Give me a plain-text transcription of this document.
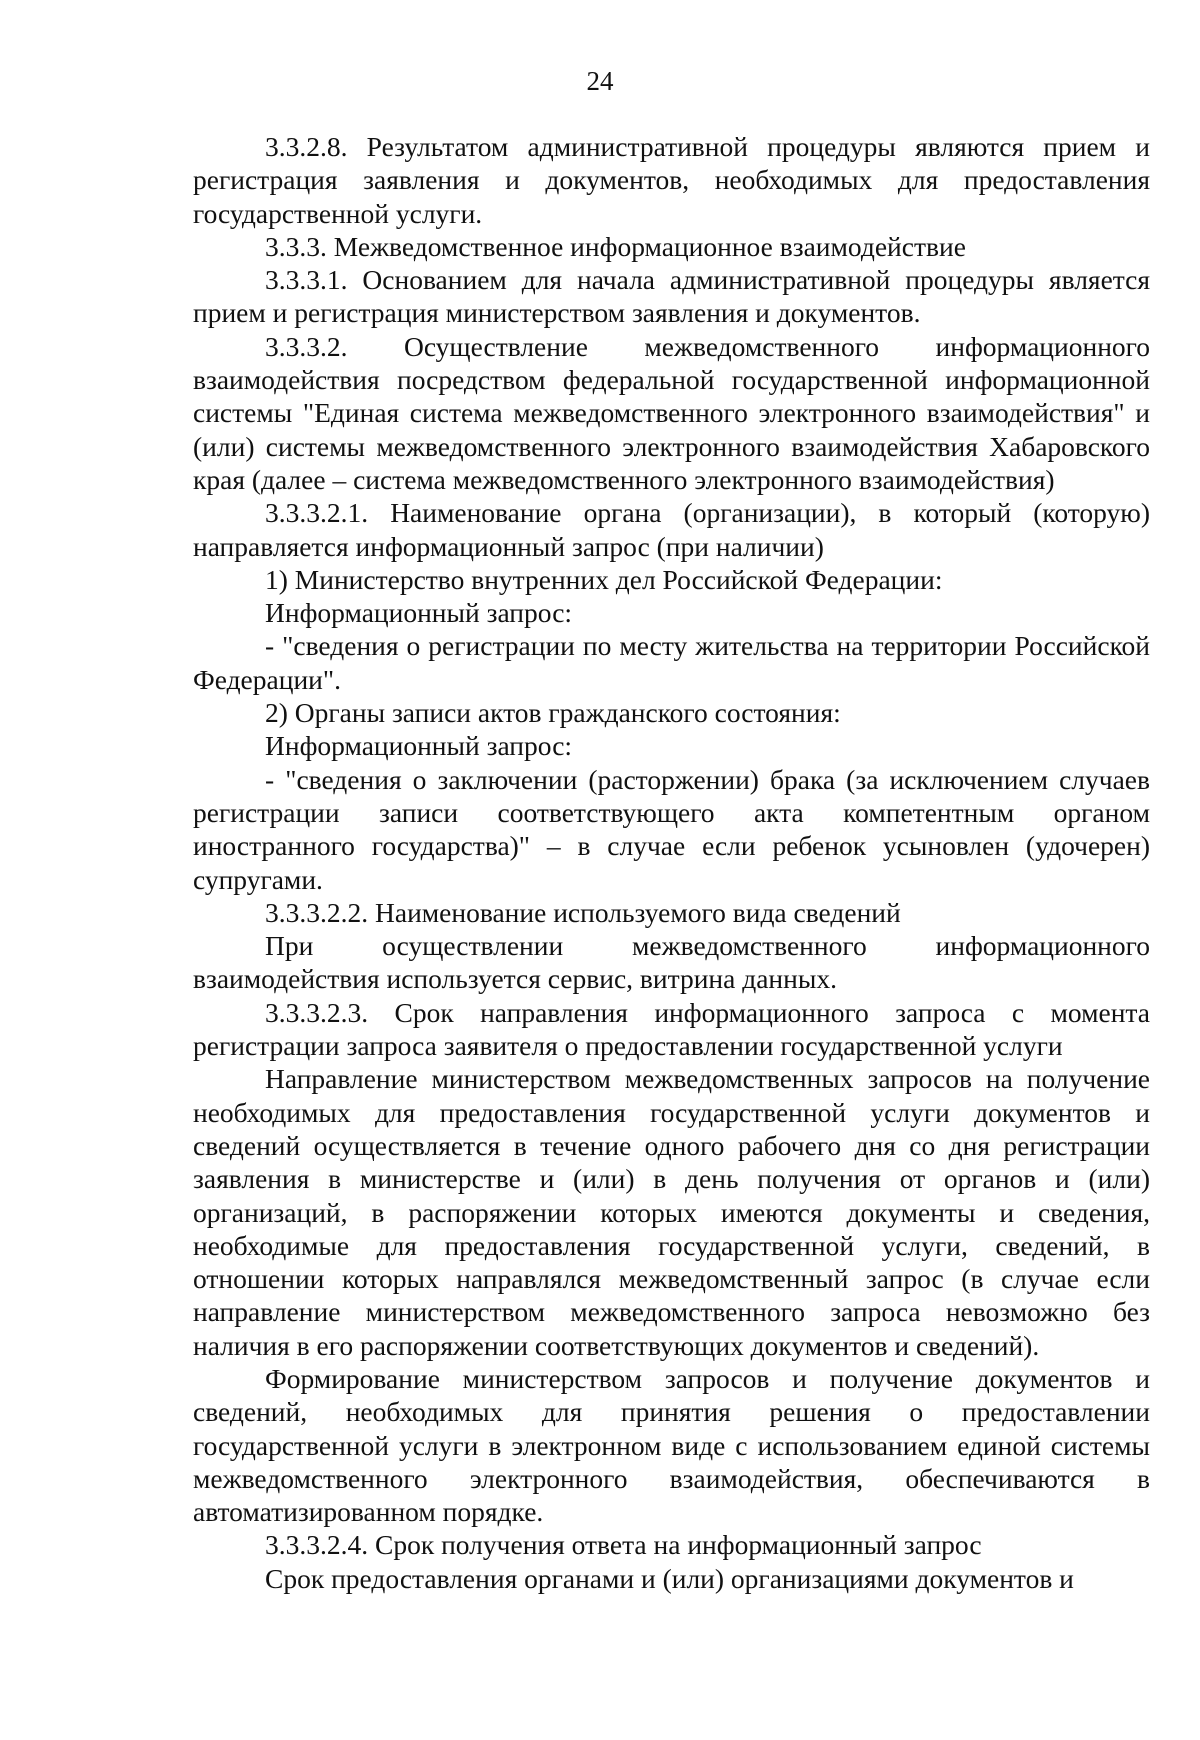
24

3.3.2.8. Результатом административной процедуры являются прием и регистрация заявления и документов, необходимых для предоставления государственной услуги.

3.3.3. Межведомственное информационное взаимодействие

3.3.3.1. Основанием для начала административной процедуры является прием и регистрация министерством заявления и документов.

3.3.3.2. Осуществление межведомственного информационного взаимодействия посредством федеральной государственной информационной системы "Единая система межведомственного электронного взаимодействия" и (или) системы межведомственного электронного взаимодействия Хабаровского края (далее – система межведомственного электронного взаимодействия)

3.3.3.2.1. Наименование органа (организации), в который (которую) направляется информационный запрос (при наличии)

1) Министерство внутренних дел Российской Федерации:

Информационный запрос:

- "сведения о регистрации по месту жительства на территории Российской Федерации".

2) Органы записи актов гражданского состояния:

Информационный запрос:

- "сведения о заключении (расторжении) брака (за исключением случаев регистрации записи соответствующего акта компетентным органом иностранного государства)" – в случае если ребенок усыновлен (удочерен) супругами.

3.3.3.2.2. Наименование используемого вида сведений

При осуществлении межведомственного информационного взаимодействия используется сервис, витрина данных.

3.3.3.2.3. Срок направления информационного запроса с момента регистрации запроса заявителя о предоставлении государственной услуги

Направление министерством межведомственных запросов на получение необходимых для предоставления государственной услуги документов и сведений осуществляется в течение одного рабочего дня со дня регистрации заявления в министерстве и (или) в день получения от органов и (или) организаций, в распоряжении которых имеются документы и сведения, необходимые для предоставления государственной услуги, сведений, в отношении которых направлялся межведомственный запрос (в случае если направление министерством межведомственного запроса невозможно без наличия в его распоряжении соответствующих документов и сведений).

Формирование министерством запросов и получение документов и сведений, необходимых для принятия решения о предоставлении государственной услуги в электронном виде с использованием единой системы межведомственного электронного взаимодействия, обеспечиваются в автоматизированном порядке.

3.3.3.2.4. Срок получения ответа на информационный запрос

Срок предоставления органами и (или) организациями документов и
